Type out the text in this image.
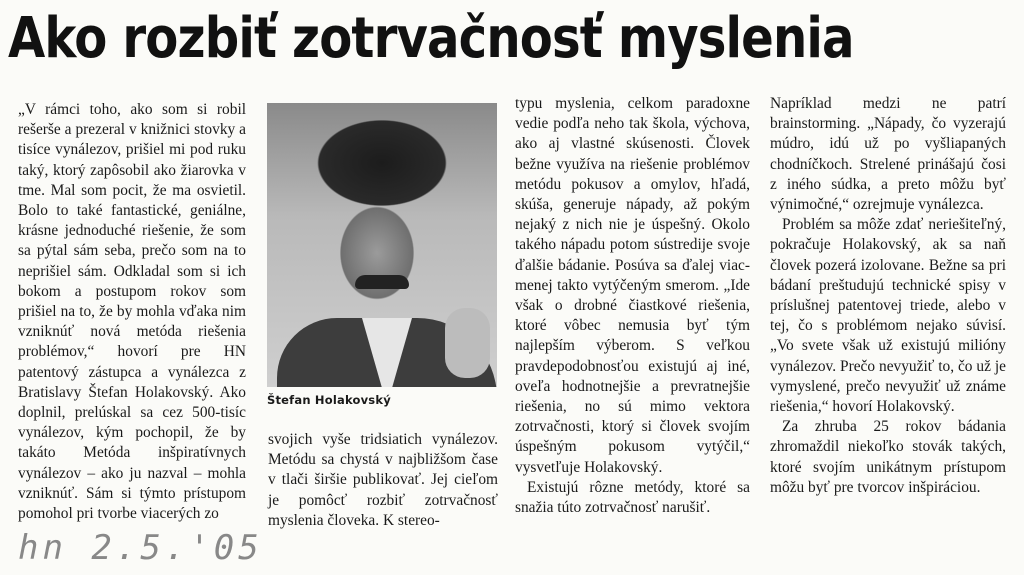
Ako rozbiť zotrvačnosť myslenia

„V rámci toho, ako som si robil rešerše a prezeral v knižnici stovky a tisíce vynálezov, prišiel mi pod ruku taký, ktorý zapôsobil ako žiarovka v tme. Mal som pocit, že ma osvietil. Bolo to také fantastické, geniálne, krásne jednoduché riešenie, že som sa pýtal sám seba, prečo som na to neprišiel sám. Odkladal som si ich bokom a postupom rokov som prišiel na to, že by mohla vďaka nim vzniknúť nová metóda riešenia problémov,“ hovorí pre HN patentový zástupca a vynálezca z Bratislavy Štefan Holakovský. Ako doplnil, prelúskal sa cez 500-tisíc vynálezov, kým pochopil, že by takáto Metóda inšpiratívnych vynálezov – ako ju nazval – mohla vzniknúť. Sám si týmto prístupom pomohol pri tvorbe viacerých zo

Štefan Holakovský

svojich vyše tridsiatich vynálezov. Metódu sa chystá v najbližšom čase v tlači širšie publikovať. Jej cieľom je pomôcť rozbiť zotrvačnosť myslenia človeka. K stereo-

typu myslenia, celkom paradoxne vedie podľa neho tak škola, výchova, ako aj vlastné skúsenosti. Človek bežne využíva na riešenie problémov metódu pokusov a omylov, hľadá, skúša, generuje nápady, až pokým nejaký z nich nie je úspešný. Okolo takého nápadu potom sústredije svoje ďalšie bádanie. Posúva sa ďalej viac-menej takto vytýčeným smerom. „Ide však o drobné čiastkové riešenia, ktoré vôbec nemusia byť tým najlepším výberom. S veľkou pravdepodobnosťou existujú aj iné, oveľa hodnotnejšie a prevratnejšie riešenia, no sú mimo vektora zotrvačnosti, ktorý si človek svojím úspešným pokusom vytýčil,“ vysvetľuje Holakovský.

Existujú rôzne metódy, ktoré sa snažia túto zotrvačnosť narušiť.

Napríklad medzi ne patrí brainstorming. „Nápady, čo vyzerajú múdro, idú už po vyšliapaných chodníčkoch. Strelené prinášajú čosi z iného súdka, a preto môžu byť výnimočné,“ ozrejmuje vynálezca.

Problém sa môže zdať neriešiteľný, pokračuje Holakovský, ak sa naň človek pozerá izolovane. Bežne sa pri bádaní preštudujú technické spisy v príslušnej patentovej triede, alebo v tej, čo s problémom nejako súvisí. „Vo svete však už existujú milióny vynálezov. Prečo nevyužiť to, čo už je vymyslené, prečo nevyužiť už známe riešenia,“ hovorí Holakovský.

Za zhruba 25 rokov bádania zhromaždil niekoľko stovák takých, ktoré svojím unikátnym prístupom môžu byť pre tvorcov inšpiráciou.

hn 2.5.'05
